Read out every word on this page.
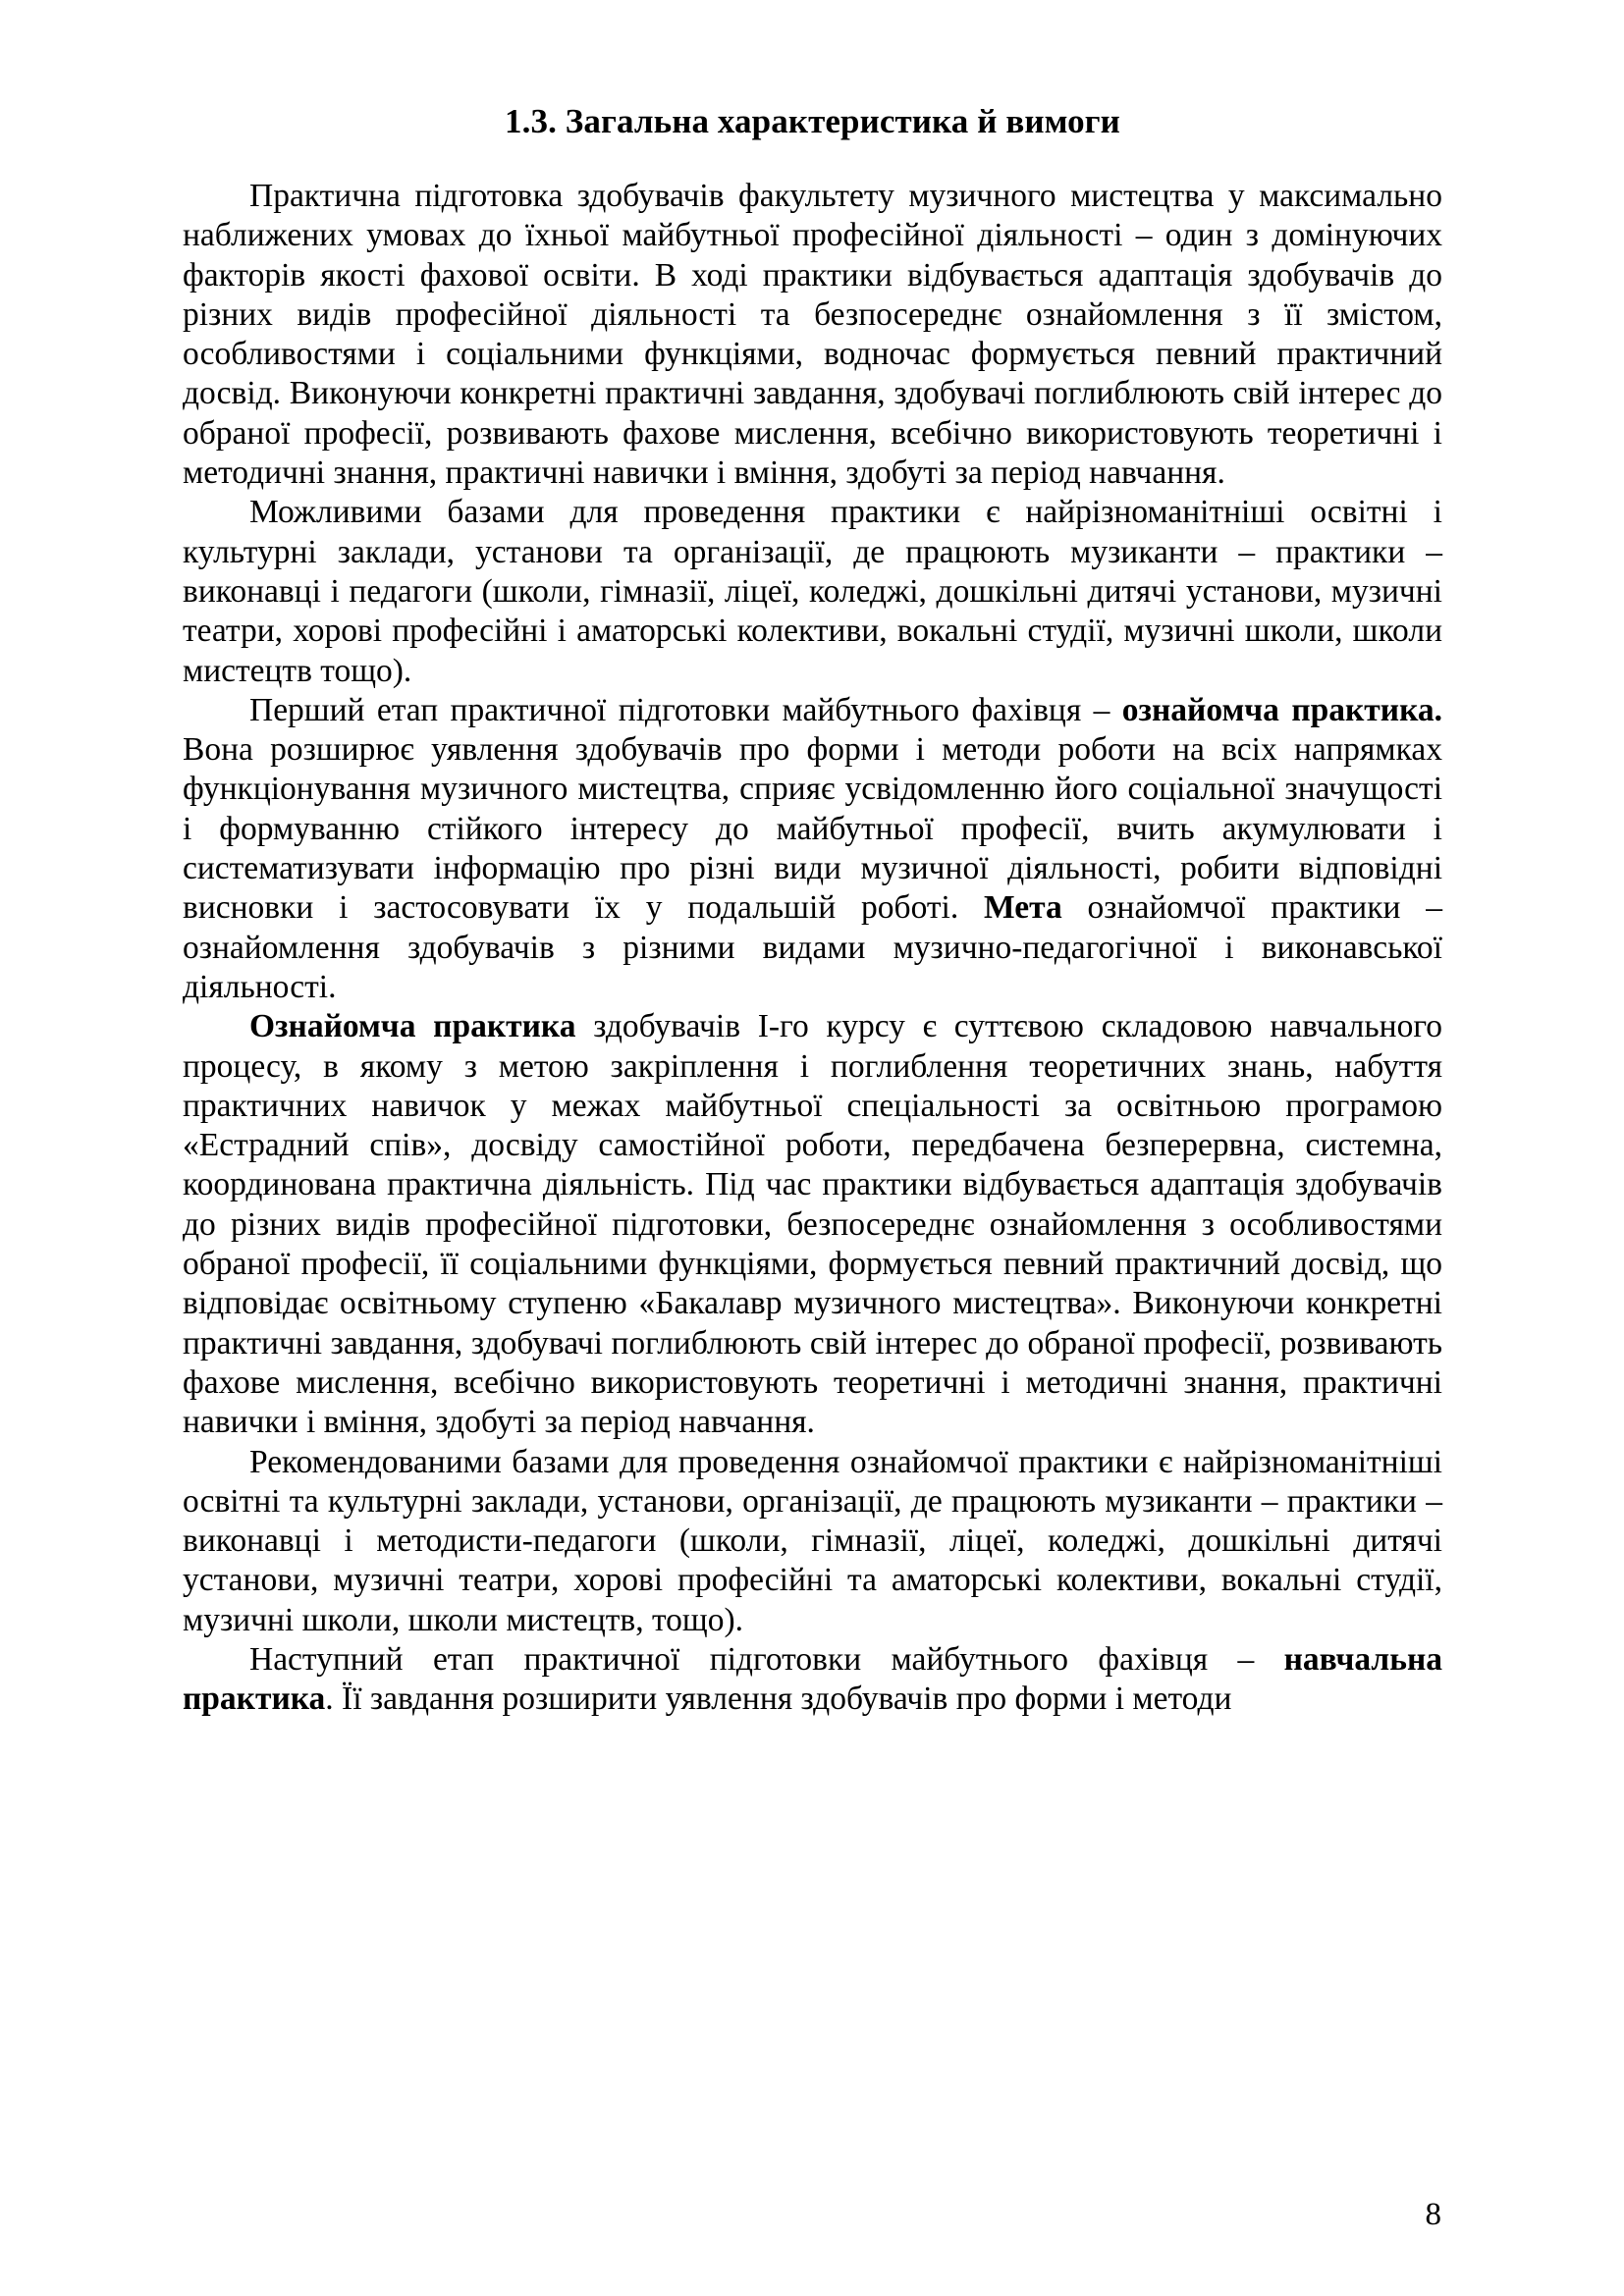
1.3. Загальна характеристика й вимоги

Практична підготовка здобувачів факультету музичного мистецтва у максимально наближених умовах до їхньої майбутньої професійної діяльності – один з домінуючих факторів якості фахової освіти. В ході практики відбувається адаптація здобувачів до різних видів професійної діяльності та безпосереднє ознайомлення з її змістом, особливостями і соціальними функціями, водночас формується певний практичний досвід. Виконуючи конкретні практичні завдання, здобувачі поглиблюють свій інтерес до обраної професії, розвивають фахове мислення, всебічно використовують теоретичні і методичні знання, практичні навички і вміння, здобуті за період навчання.

Можливими базами для проведення практики є найрізноманітніші освітні і культурні заклади, установи та організації, де працюють музиканти – практики – виконавці і педагоги (школи, гімназії, ліцеї, коледжі, дошкільні дитячі установи, музичні театри, хорові професійні і аматорські колективи, вокальні студії, музичні школи, школи мистецтв тощо).

Перший етап практичної підготовки майбутнього фахівця – ознайомча практика. Вона розширює уявлення здобувачів про форми і методи роботи на всіх напрямках функціонування музичного мистецтва, сприяє усвідомленню його соціальної значущості і формуванню стійкого інтересу до майбутньої професії, вчить акумулювати і систематизувати інформацію про різні види музичної діяльності, робити відповідні висновки і застосовувати їх у подальшій роботі. Мета ознайомчої практики – ознайомлення здобувачів з різними видами музично-педагогічної і виконавської діяльності.

Ознайомча практика здобувачів І-го курсу є суттєвою складовою навчального процесу, в якому з метою закріплення і поглиблення теоретичних знань, набуття практичних навичок у межах майбутньої спеціальності за освітньою програмою «Естрадний спів», досвіду самостійної роботи, передбачена безперервна, системна, координована практична діяльність. Під час практики відбувається адаптація здобувачів до різних видів професійної підготовки, безпосереднє ознайомлення з особливостями обраної професії, її соціальними функціями, формується певний практичний досвід, що відповідає освітньому ступеню «Бакалавр музичного мистецтва». Виконуючи конкретні практичні завдання, здобувачі поглиблюють свій інтерес до обраної професії, розвивають фахове мислення, всебічно використовують теоретичні і методичні знання, практичні навички і вміння, здобуті за період навчання.

Рекомендованими базами для проведення ознайомчої практики є найрізноманітніші освітні та культурні заклади, установи, організації, де працюють музиканти – практики – виконавці і методисти-педагоги (школи, гімназії, ліцеї, коледжі, дошкільні дитячі установи, музичні театри, хорові професійні та аматорські колективи, вокальні студії, музичні школи, школи мистецтв, тощо).

Наступний етап практичної підготовки майбутнього фахівця – навчальна практика. Її завдання розширити уявлення здобувачів про форми і методи

8
